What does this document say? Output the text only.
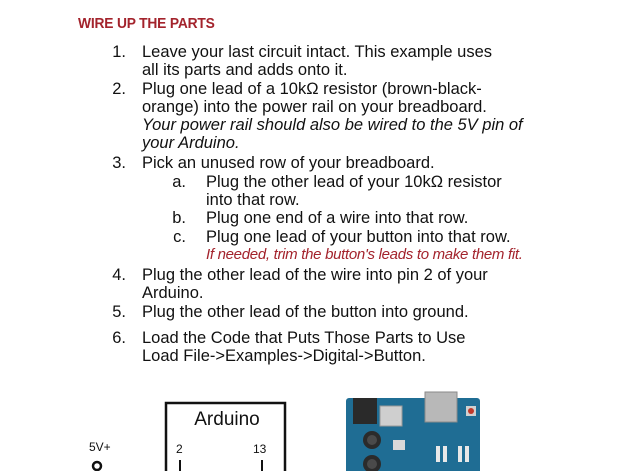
WIRE UP THE PARTS
1. Leave your last circuit intact. This example uses
all its parts and adds onto it.
2. Plug one lead of a 10kΩ resistor (brown-black-
orange) into the power rail on your breadboard.
Your power rail should also be wired to the 5V pin of
your Arduino.
3. Pick an unused row of your breadboard.
a. Plug the other lead of your 10kΩ resistor
into that row.
b. Plug one end of a wire into that row.
c. Plug one lead of your button into that row.
If needed, trim the button's leads to make them fit.
4. Plug the other lead of the wire into pin 2 of your
Arduino.
5. Plug the other lead of the button into ground.
6. Load the Code that Puts Those Parts to Use
Load File->Examples->Digital->Button.
Arduino
2	13
5V+
